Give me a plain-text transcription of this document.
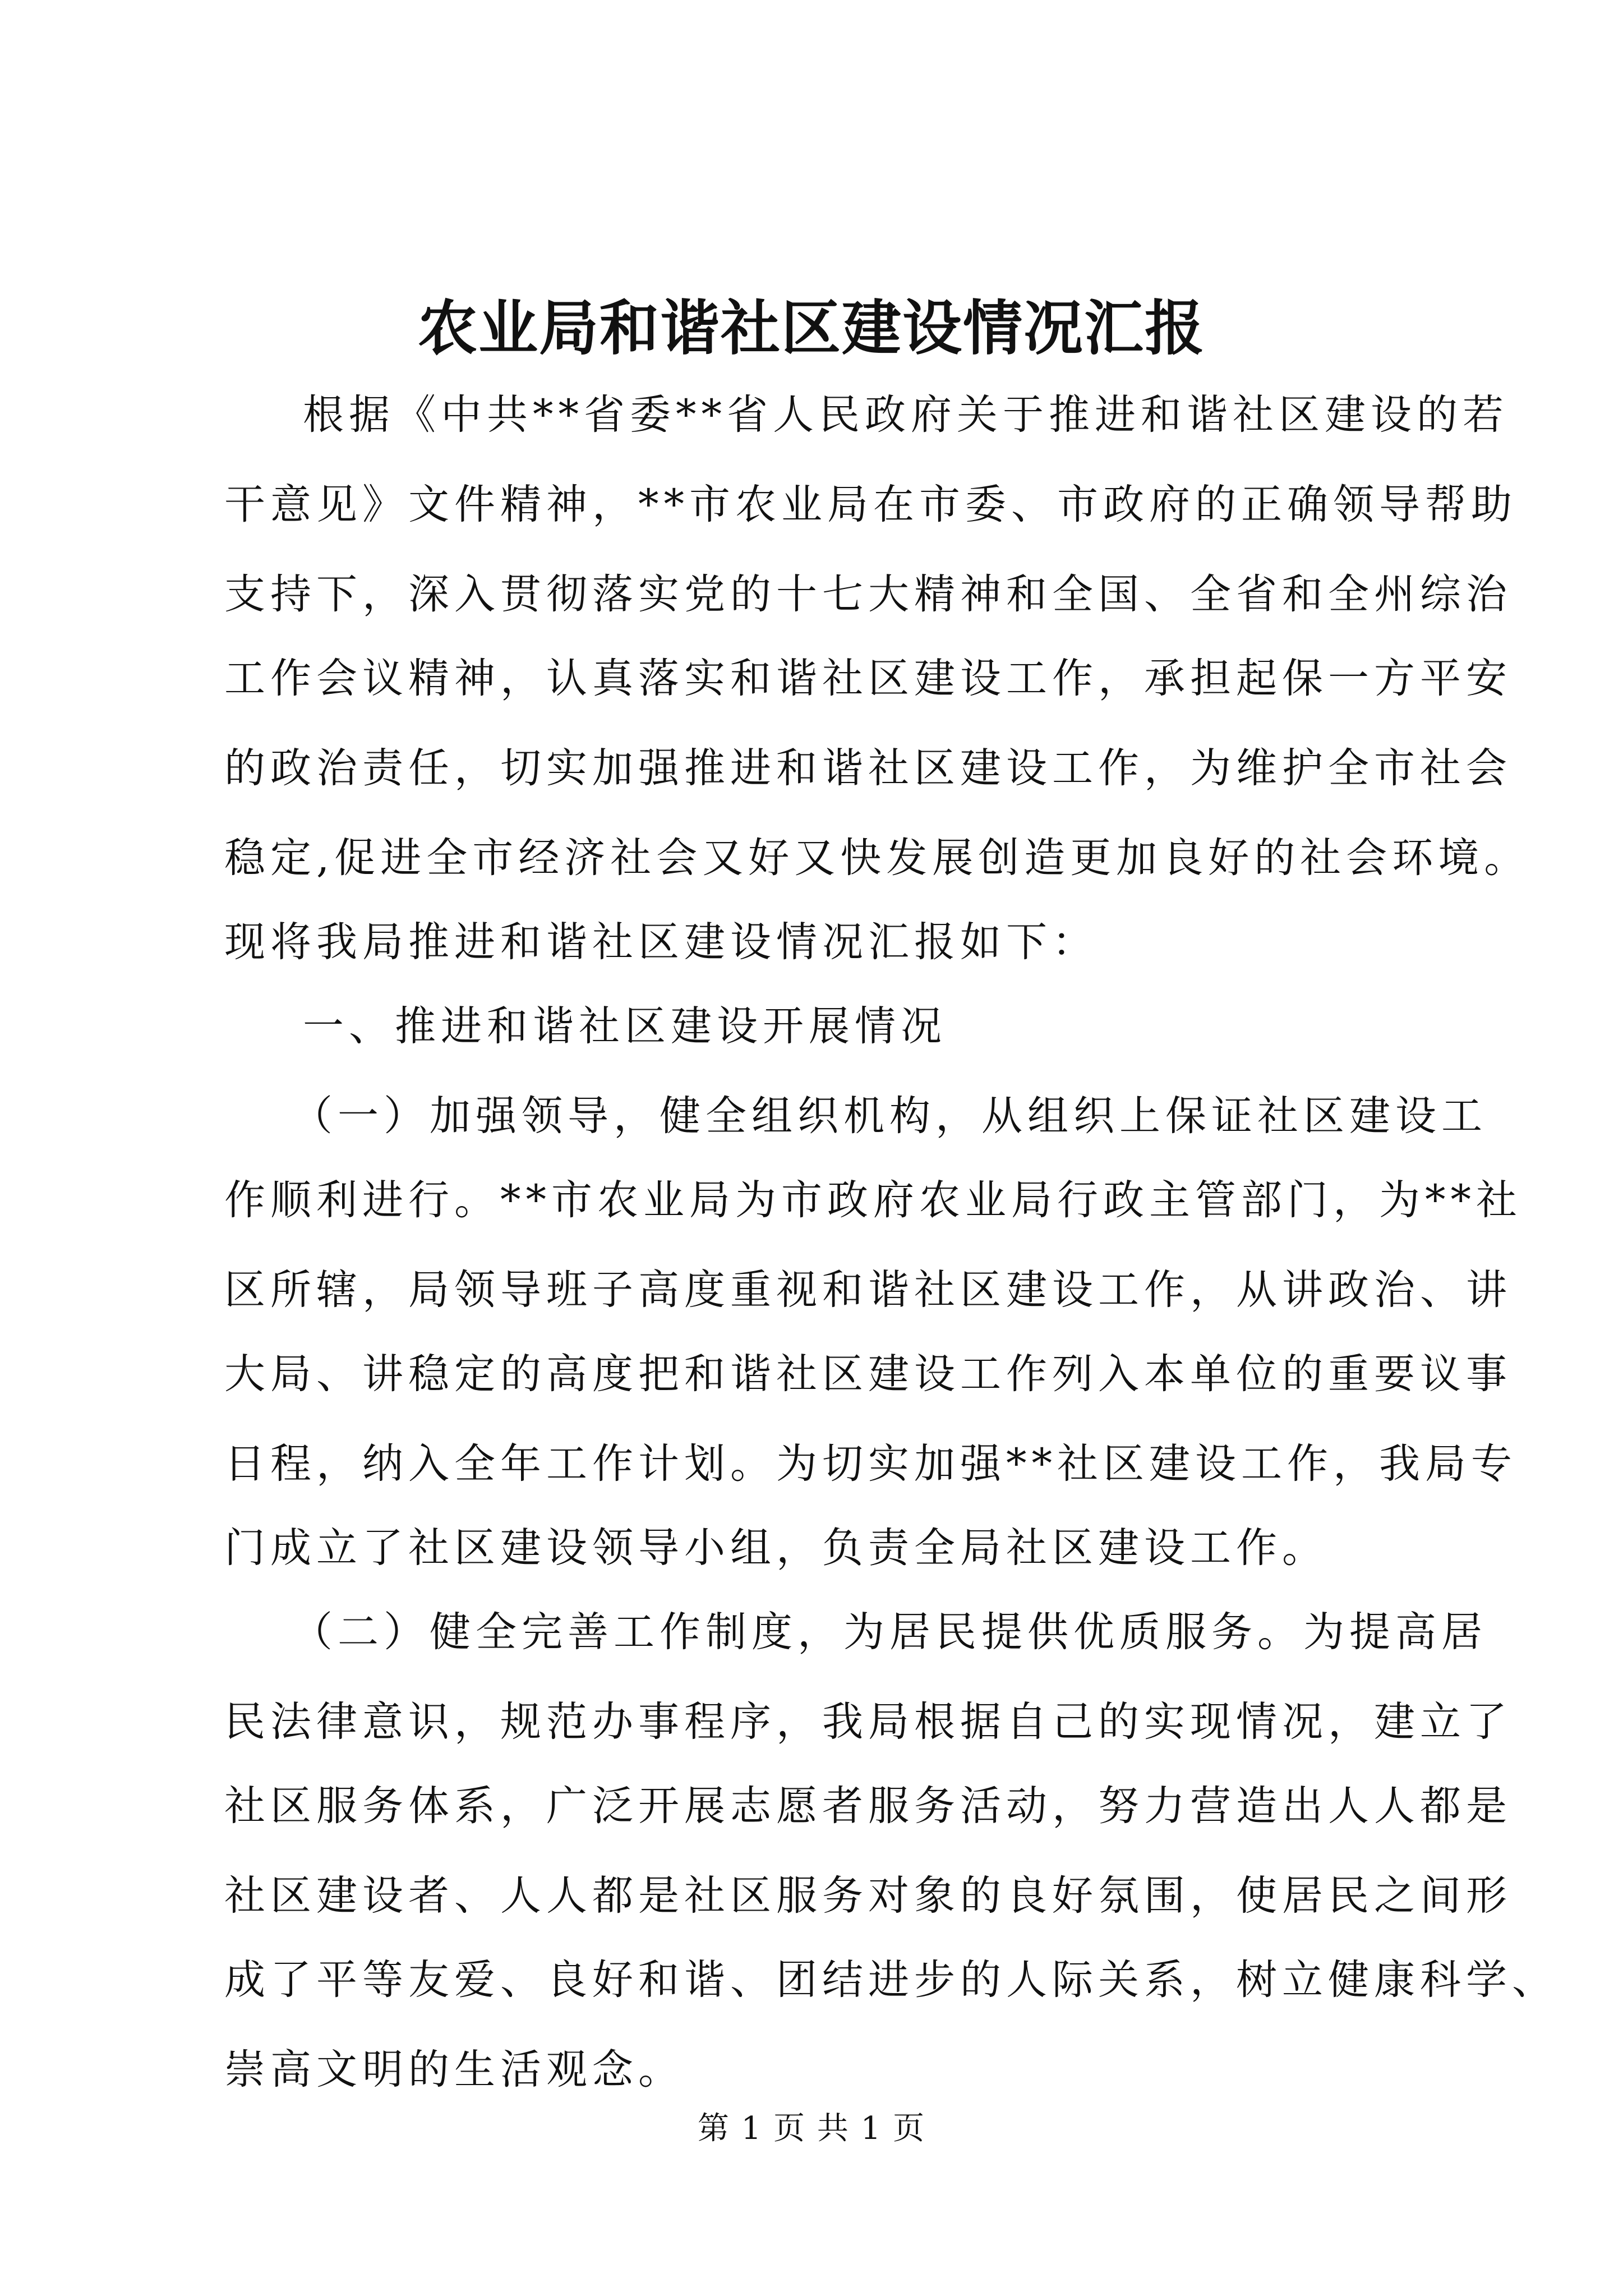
农业局和谐社区建设情况汇报
根据《中共**省委**省人民政府关于推进和谐社区建设的若
干意见》文件精神，**市农业局在市委、市政府的正确领导帮助
支持下，深入贯彻落实党的十七大精神和全国、全省和全州综治
工作会议精神，认真落实和谐社区建设工作，承担起保一方平安
的政治责任，切实加强推进和谐社区建设工作，为维护全市社会
稳定,促进全市经济社会又好又快发展创造更加良好的社会环境。
现将我局推进和谐社区建设情况汇报如下：
一、推进和谐社区建设开展情况
（一）加强领导，健全组织机构，从组织上保证社区建设工
作顺利进行。**市农业局为市政府农业局行政主管部门，为**社
区所辖，局领导班子高度重视和谐社区建设工作，从讲政治、讲
大局、讲稳定的高度把和谐社区建设工作列入本单位的重要议事
日程，纳入全年工作计划。为切实加强**社区建设工作，我局专
门成立了社区建设领导小组，负责全局社区建设工作。
（二）健全完善工作制度，为居民提供优质服务。为提高居
民法律意识，规范办事程序，我局根据自己的实现情况，建立了
社区服务体系，广泛开展志愿者服务活动，努力营造出人人都是
社区建设者、人人都是社区服务对象的良好氛围，使居民之间形
成了平等友爱、良好和谐、团结进步的人际关系，树立健康科学、
崇高文明的生活观念。
第 1 页 共 1 页
